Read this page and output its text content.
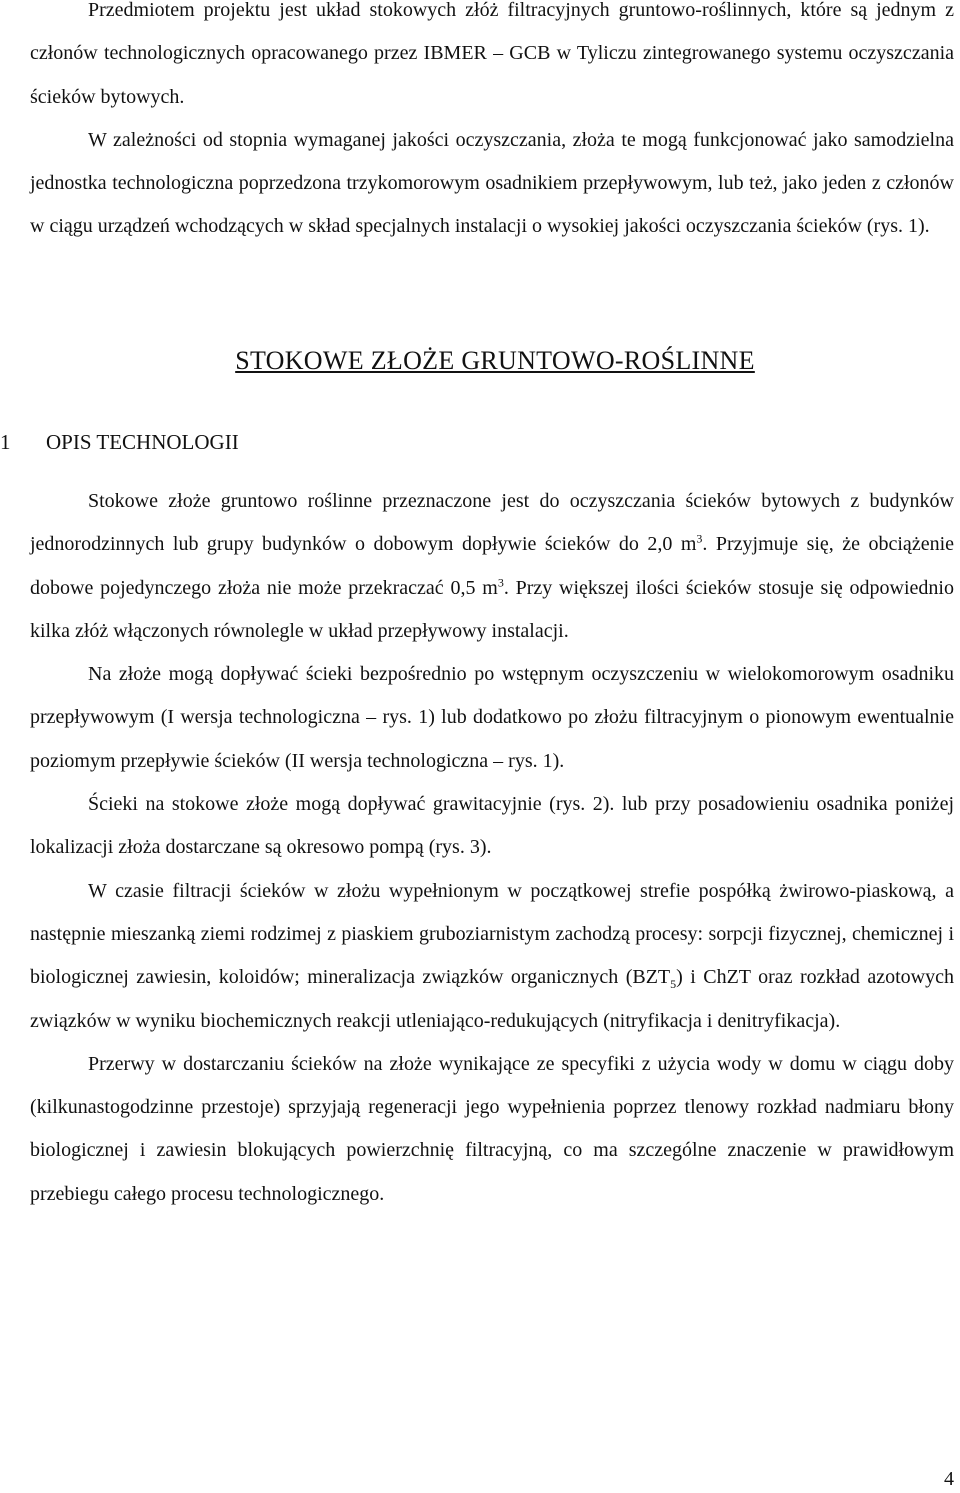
Przedmiotem projektu jest układ stokowych złóż filtracyjnych gruntowo-roślinnych, które są jednym z członów technologicznych opracowanego przez IBMER – GCB w Tyliczu zintegrowanego systemu oczyszczania ścieków bytowych.

W zależności od stopnia wymaganej jakości oczyszczania, złoża te mogą funkcjonować jako samodzielna jednostka technologiczna poprzedzona trzykomorowym osadnikiem przepływowym, lub też, jako jeden z członów w ciągu urządzeń wchodzących w skład specjalnych instalacji o wysokiej jakości oczyszczania ścieków (rys. 1).

STOKOWE ZŁOŻE GRUNTOWO-ROŚLINNE
1 OPIS TECHNOLOGII

Stokowe złoże gruntowo roślinne przeznaczone jest do oczyszczania ścieków bytowych z budynków jednorodzinnych lub grupy budynków o dobowym dopływie ścieków do 2,0 $m^3$. Przyjmuje się, że obciążenie dobowe pojedynczego złoża nie może przekraczać 0,5 $m^3$. Przy większej ilości ścieków stosuje się odpowiednio kilka złóż włączonych równolegle w układ przepływowy instalacji.

Na złoże mogą dopływać ścieki bezpośrednio po wstępnym oczyszczeniu w wielokomorowym osadniku przepływowym (I wersja technologiczna – rys. 1) lub dodatkowo po złożu filtracyjnym o pionowym ewentualnie poziomym przepływie ścieków (II wersja technologiczna – rys. 1).

Ścieki na stokowe złoże mogą dopływać grawitacyjnie (rys. 2). lub przy posadowieniu osadnika poniżej lokalizacji złoża dostarczane są okresowo pompą (rys. 3).

W czasie filtracji ścieków w złożu wypełnionym w początkowej strefie pospółką żwirowo-piaskową, a następnie mieszanką ziemi rodzimej z piaskiem gruboziarnistym zachodzą procesy: sorpcji fizycznej, chemicznej i biologicznej zawiesin, koloidów; mineralizacja związków organicznych $(BZT_5)$ i ChZT oraz rozkład azotowych związków w wyniku biochemicznych reakcji utleniająco-redukujących (nitryfikacja i denitryfikacja).

Przerwy w dostarczaniu ścieków na złoże wynikające ze specyfiki z użycia wody w domu w ciągu doby (kilkunastogodzinne przestoje) sprzyjają regeneracji jego wypełnienia poprzez tlenowy rozkład nadmiaru błony biologicznej i zawiesin blokujących powierzchnię filtracyjną, co ma szczególne znaczenie w prawidłowym przebiegu całego procesu technologicznego.

4
